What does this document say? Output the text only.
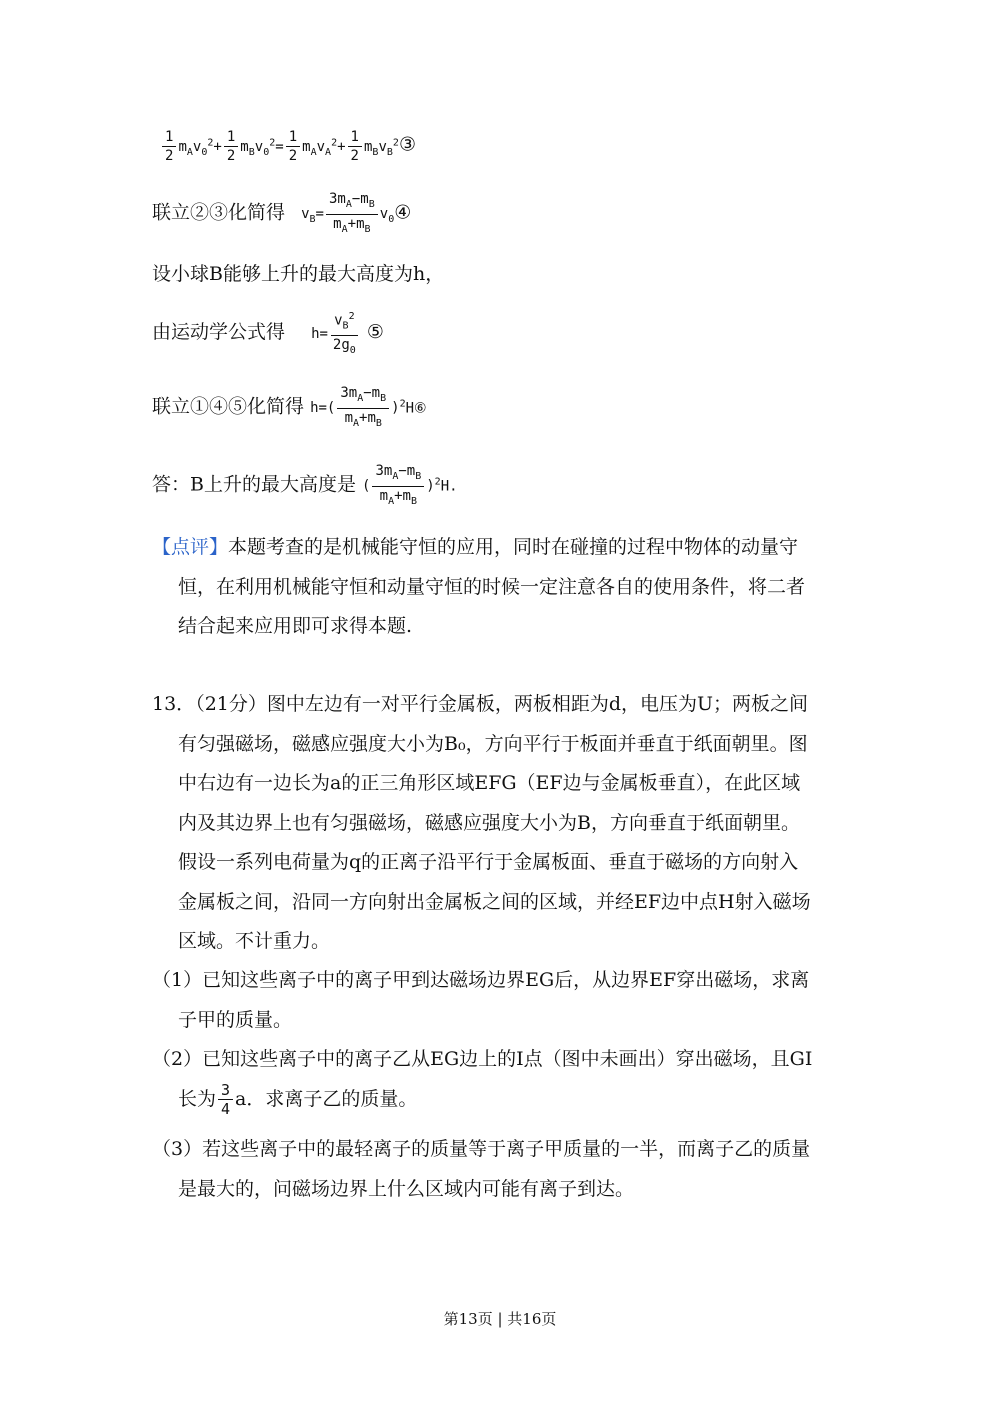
$\frac{1}{2} m_Av_0^2+ \frac{1}{2} m_Bv_0^2= \frac{1}{2} m_Av_A^2+ \frac{1}{2}$ $m_Bv_B^2③$
联立②③化简得 $v_B= \frac{3m_A-m_B}{m_A+m_B}$ $v_0④$
设小球B能够上升的最大高度为h，
由运动学公式得 $h= \frac{v_B^2}{2g_0}$ ⑤
联立①④⑤化简得 $h=( \frac{3m_A-m_B}{m_A+m_B}$ )$^2H⑥$
答：B上升的最大高度是 ( $\frac{3m_A-m_B}{m_A+m_B} )^2H$.
【点评】本题考查的是机械能守恒的应用，同时在碰撞的过程中物体的动量守
恒，在利用机械能守恒和动量守恒的时候一定注意各自的使用条件，将二者
结合起来应用即可求得本题.
13．（21分）图中左边有一对平行金属板，两板相距为d，电压为U；两板之间
有匀强磁场，磁感应强度大小为B₀，方向平行于板面并垂直于纸面朝里。图
中右边有一边长为a的正三角形区域EFG（EF边与金属板垂直），在此区域
内及其边界上也有匀强磁场，磁感应强度大小为B，方向垂直于纸面朝里。
假设一系列电荷量为q的正离子沿平行于金属板面、垂直于磁场的方向射入
金属板之间，沿同一方向射出金属板之间的区域，并经EF边中点H射入磁场
区域。不计重力。
（1）已知这些离子中的离子甲到达磁场边界EG后，从边界EF穿出磁场，求离
子甲的质量。
（2）已知这些离子中的离子乙从EG边上的I点（图中未画出）穿出磁场，且GI
长为 $\frac{3}{4}$ a．求离子乙的质量。
（3）若这些离子中的最轻离子的质量等于离子甲质量的一半，而离子乙的质量
是最大的，问磁场边界上什么区域内可能有离子到达。
第13页 | 共16页
